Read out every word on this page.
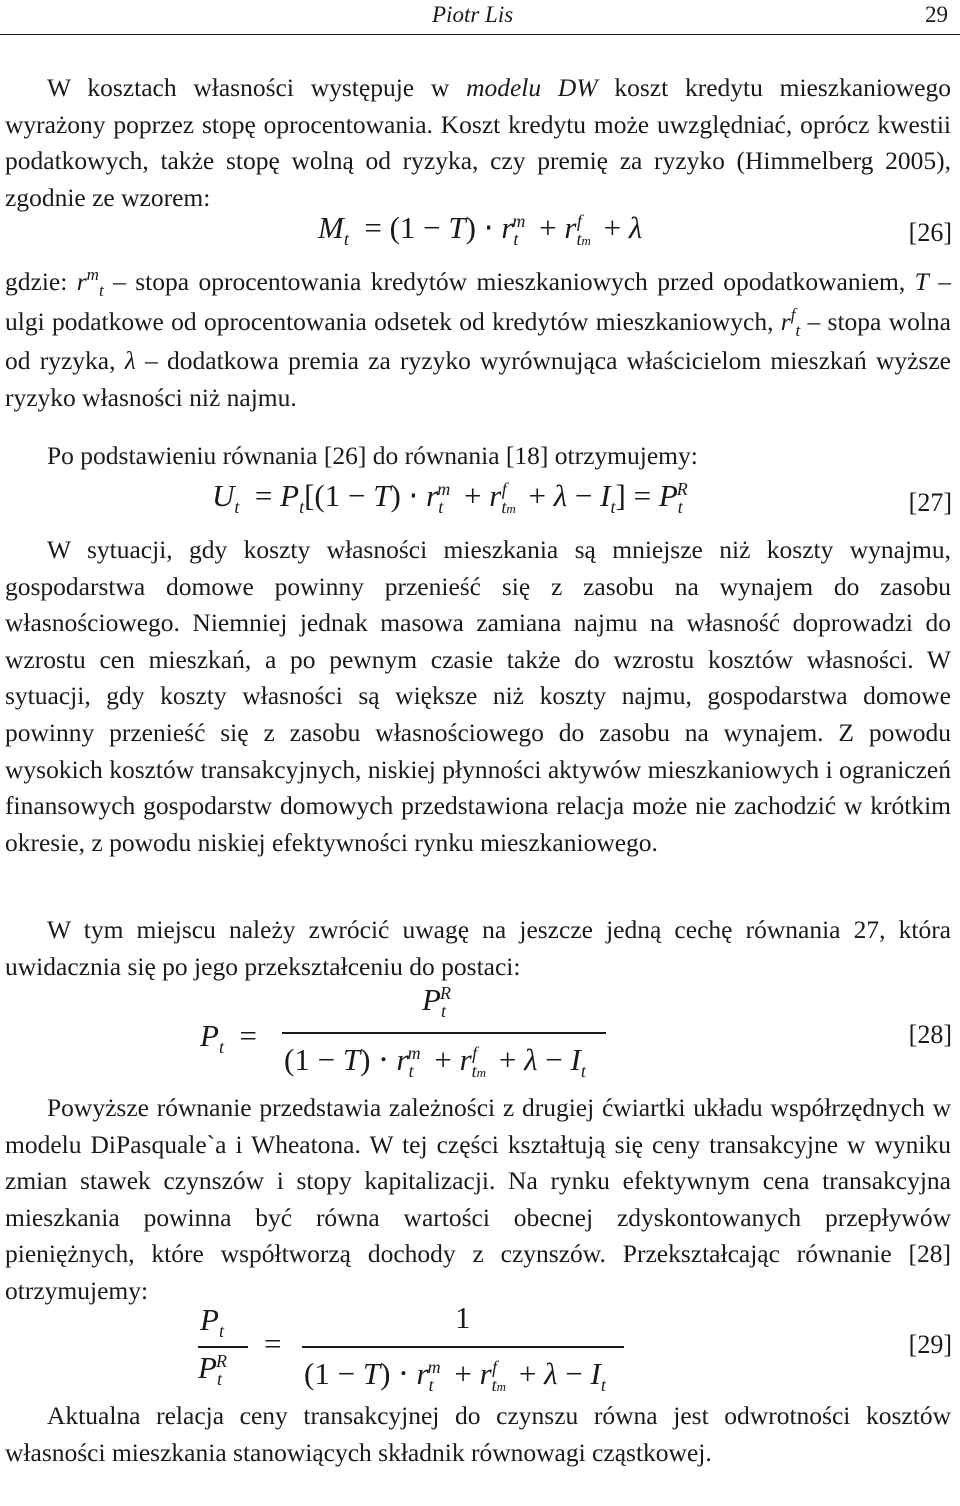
Piotr Lis	29

W kosztach własności występuje w modelu DW koszt kredytu mieszkaniowego wyrażony poprzez stopę oprocentowania. Koszt kredytu może uwzględniać, oprócz kwestii podatkowych, także stopę wolną od ryzyka, czy premię za ryzyko (Himmelberg 2005), zgodnie ze wzorem:

$M_t = (1 - T) \cdot r_t^m + r_{tm}^f + \lambda$	[26]

gdzie: $r^m_t$ – stopa oprocentowania kredytów mieszkaniowych przed opodatkowaniem, T – ulgi podatkowe od oprocentowania odsetek od kredytów mieszkaniowych, $r^f_t$ – stopa wolna od ryzyka, λ – dodatkowa premia za ryzyko wyrównująca właścicielom mieszkań wyższe ryzyko własności niż najmu.

Po podstawieniu równania [26] do równania [18] otrzymujemy:

$U_t = P_t[(1 - T) \cdot r_t^m + r_{tm}^f + \lambda - I_t] = P_t^R$	[27]

W sytuacji, gdy koszty własności mieszkania są mniejsze niż koszty wynajmu, gospodarstwa domowe powinny przenieść się z zasobu na wynajem do zasobu własnościowego. Niemniej jednak masowa zamiana najmu na własność doprowadzi do wzrostu cen mieszkań, a po pewnym czasie także do wzrostu kosztów własności. W sytuacji, gdy koszty własności są większe niż koszty najmu, gospodarstwa domowe powinny przenieść się z zasobu własnościowego do zasobu na wynajem. Z powodu wysokich kosztów transakcyjnych, niskiej płynności aktywów mieszkaniowych i ograniczeń finansowych gospodarstw domowych przedstawiona relacja może nie zachodzić w krótkim okresie, z powodu niskiej efektywności rynku mieszkaniowego.

W tym miejscu należy zwrócić uwagę na jeszcze jedną cechę równania 27, która uwidacznia się po jego przekształceniu do postaci:

$P_t$  =
$P_t^R$
$(1 - T) \cdot r_t^m + r_{tm}^f + \lambda - I_t$
[28]

Powyższe równanie przedstawia zależności z drugiej ćwiartki układu współrzędnych w modelu DiPasquale`a i Wheatona. W tej części kształtują się ceny transakcyjne w wyniku zmian stawek czynszów i stopy kapitalizacji. Na rynku efektywnym cena transakcyjna mieszkania powinna być równa wartości obecnej zdyskontowanych przepływów pieniężnych, które współtworzą dochody z czynszów. Przekształcając równanie [28] otrzymujemy:

$P_t$
$P_t^R$ =
1
$(1 - T) \cdot r_t^m + r_{tm}^f + \lambda - I_t$
[29]

Aktualna relacja ceny transakcyjnej do czynszu równa jest odwrotności kosztów własności mieszkania stanowiących składnik równowagi cząstkowej.
